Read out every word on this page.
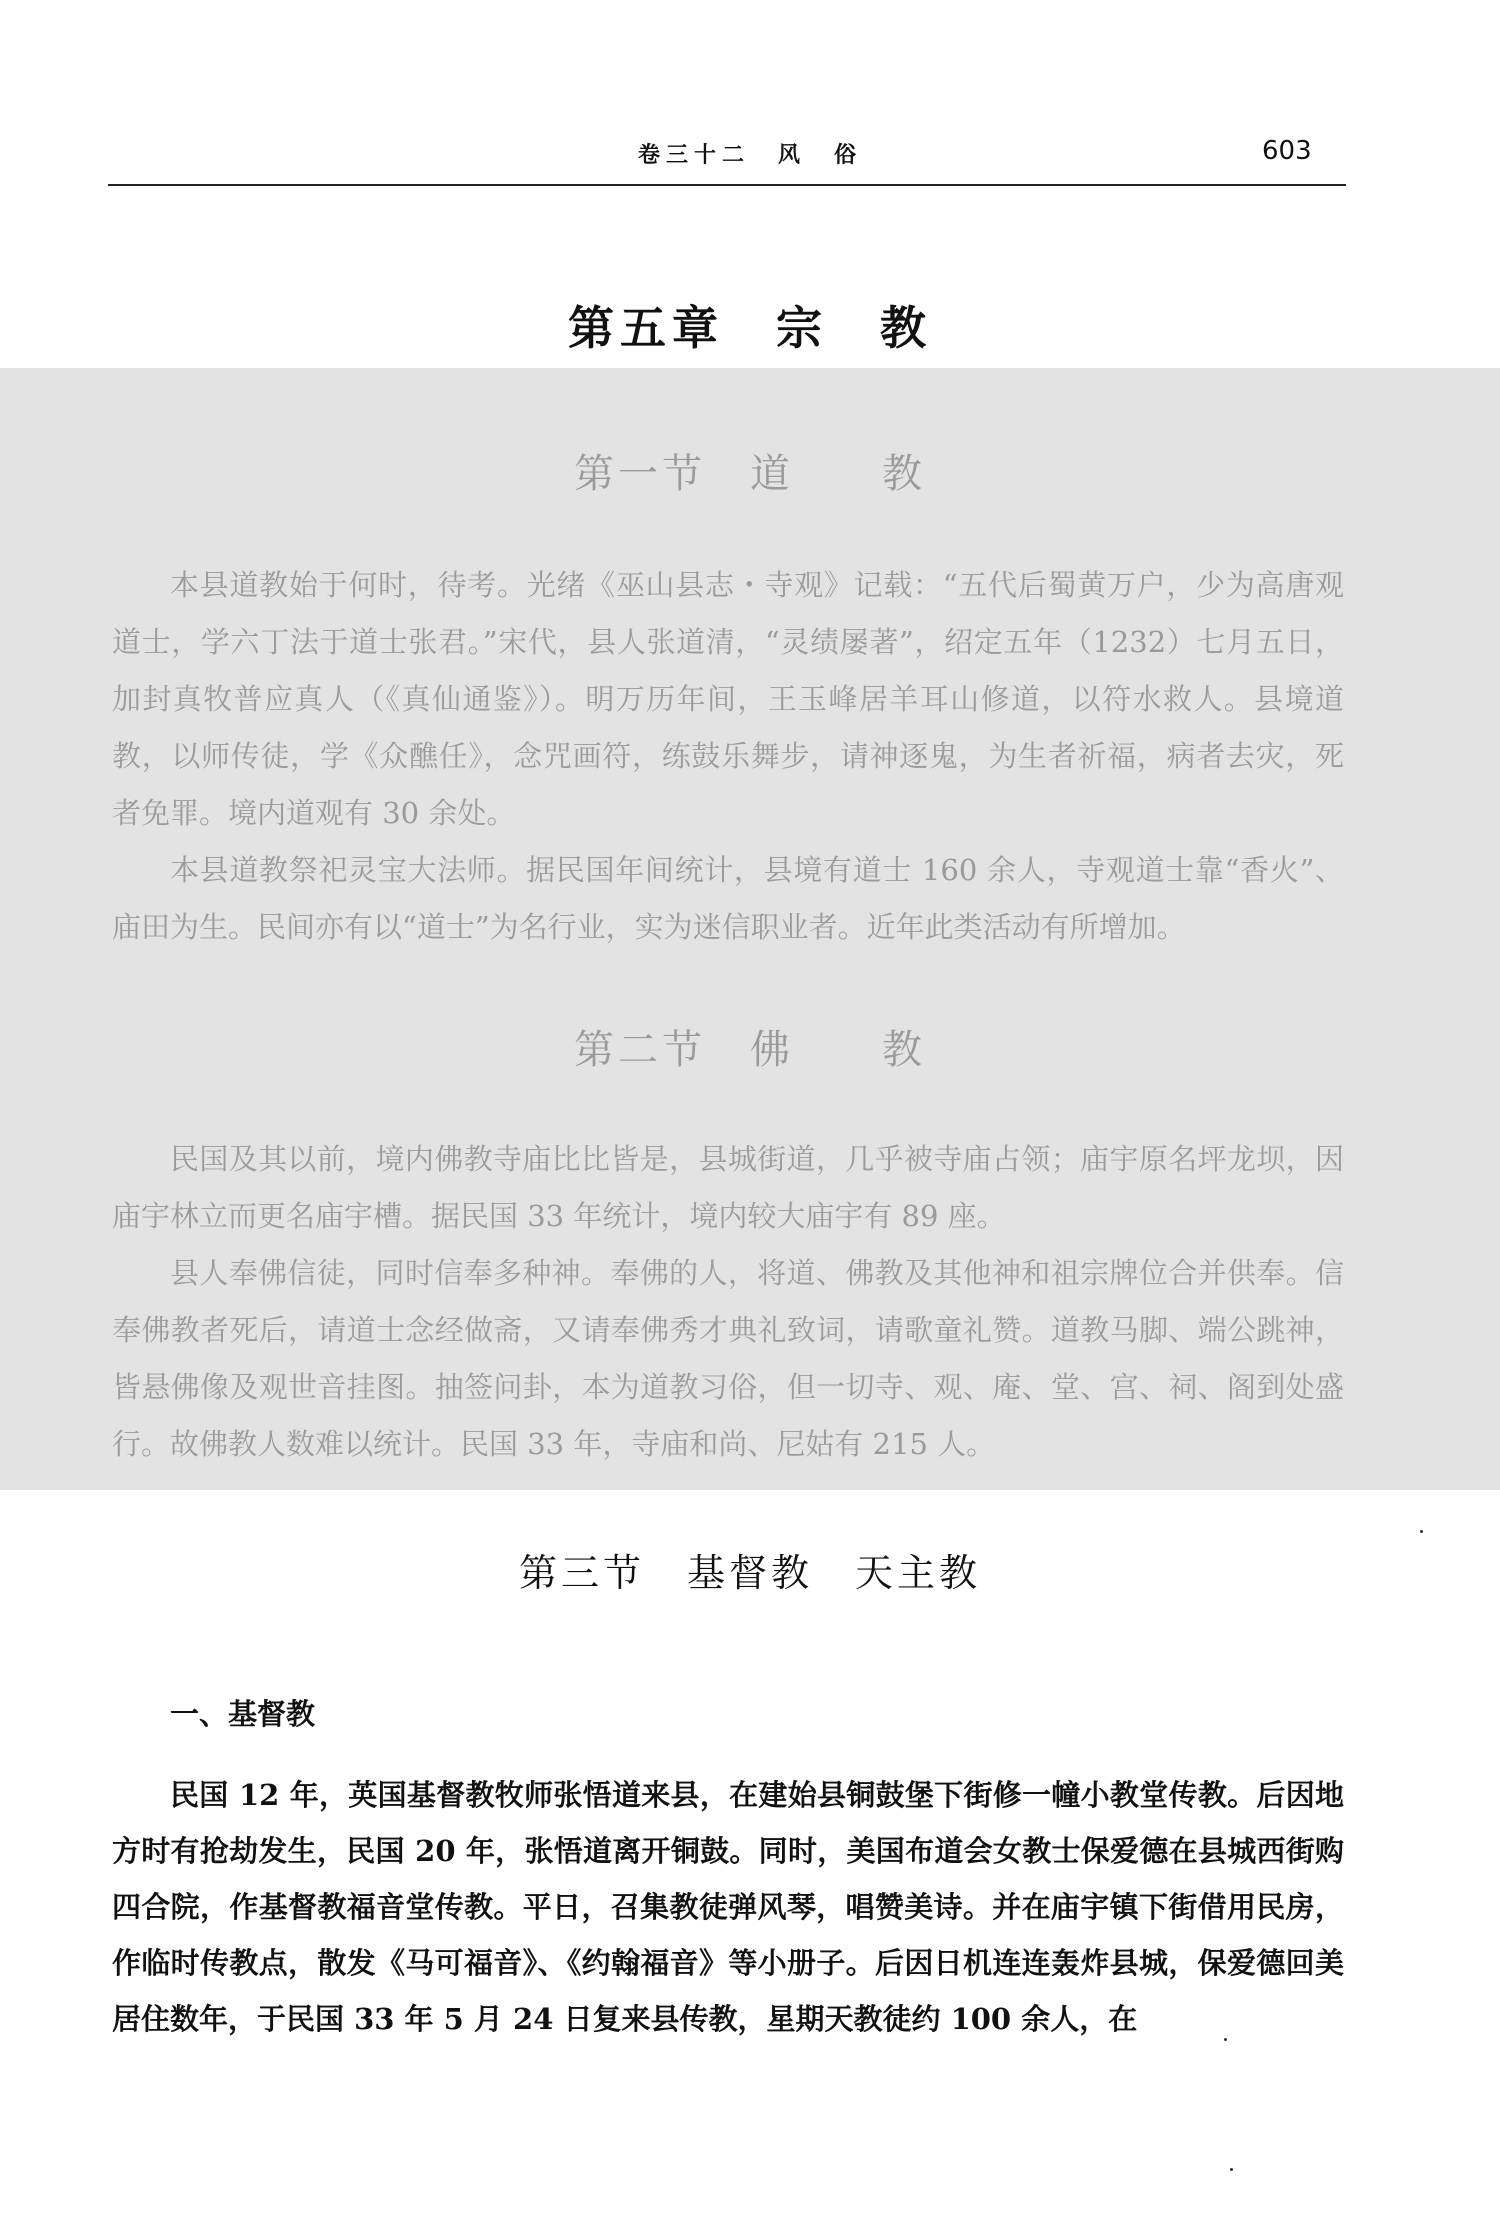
卷三十二　风　俗	603
第五章　宗　教
第一节　道　　教

本县道教始于何时，待考。光绪《巫山县志・寺观》记载：“五代后蜀黄万户，少为高唐观道士，学六丁法于道士张君。”宋代，县人张道清，“灵绩屡著”，绍定五年（1232）七月五日，加封真牧普应真人（《真仙通鉴》）。明万历年间，王玉峰居羊耳山修道，以符水救人。县境道教，以师传徒，学《众醮任》，念咒画符，练鼓乐舞步，请神逐鬼，为生者祈福，病者去灾，死者免罪。境内道观有 30 余处。

本县道教祭祀灵宝大法师。据民国年间统计，县境有道士 160 余人，寺观道士靠“香火”、庙田为生。民间亦有以“道士”为名行业，实为迷信职业者。近年此类活动有所增加。

第二节　佛　　教

民国及其以前，境内佛教寺庙比比皆是，县城街道，几乎被寺庙占领；庙宇原名坪龙坝，因庙宇林立而更名庙宇槽。据民国 33 年统计，境内较大庙宇有 89 座。

县人奉佛信徒，同时信奉多种神。奉佛的人，将道、佛教及其他神和祖宗牌位合并供奉。信奉佛教者死后，请道士念经做斋，又请奉佛秀才典礼致词，请歌童礼赞。道教马脚、端公跳神，皆悬佛像及观世音挂图。抽签问卦，本为道教习俗，但一切寺、观、庵、堂、宫、祠、阁到处盛行。故佛教人数难以统计。民国 33 年，寺庙和尚、尼姑有 215 人。

第三节　基督教　天主教
一、基督教

民国 12 年，英国基督教牧师张悟道来县，在建始县铜鼓堡下街修一幢小教堂传教。后因地方时有抢劫发生，民国 20 年，张悟道离开铜鼓。同时，美国布道会女教士保爱德在县城西街购四合院，作基督教福音堂传教。平日，召集教徒弹风琴，唱赞美诗。并在庙宇镇下街借用民房，作临时传教点，散发《马可福音》、《约翰福音》等小册子。后因日机连连轰炸县城，保爱德回美居住数年，于民国 33 年 5 月 24 日复来县传教，星期天教徒约 100 余人，在
